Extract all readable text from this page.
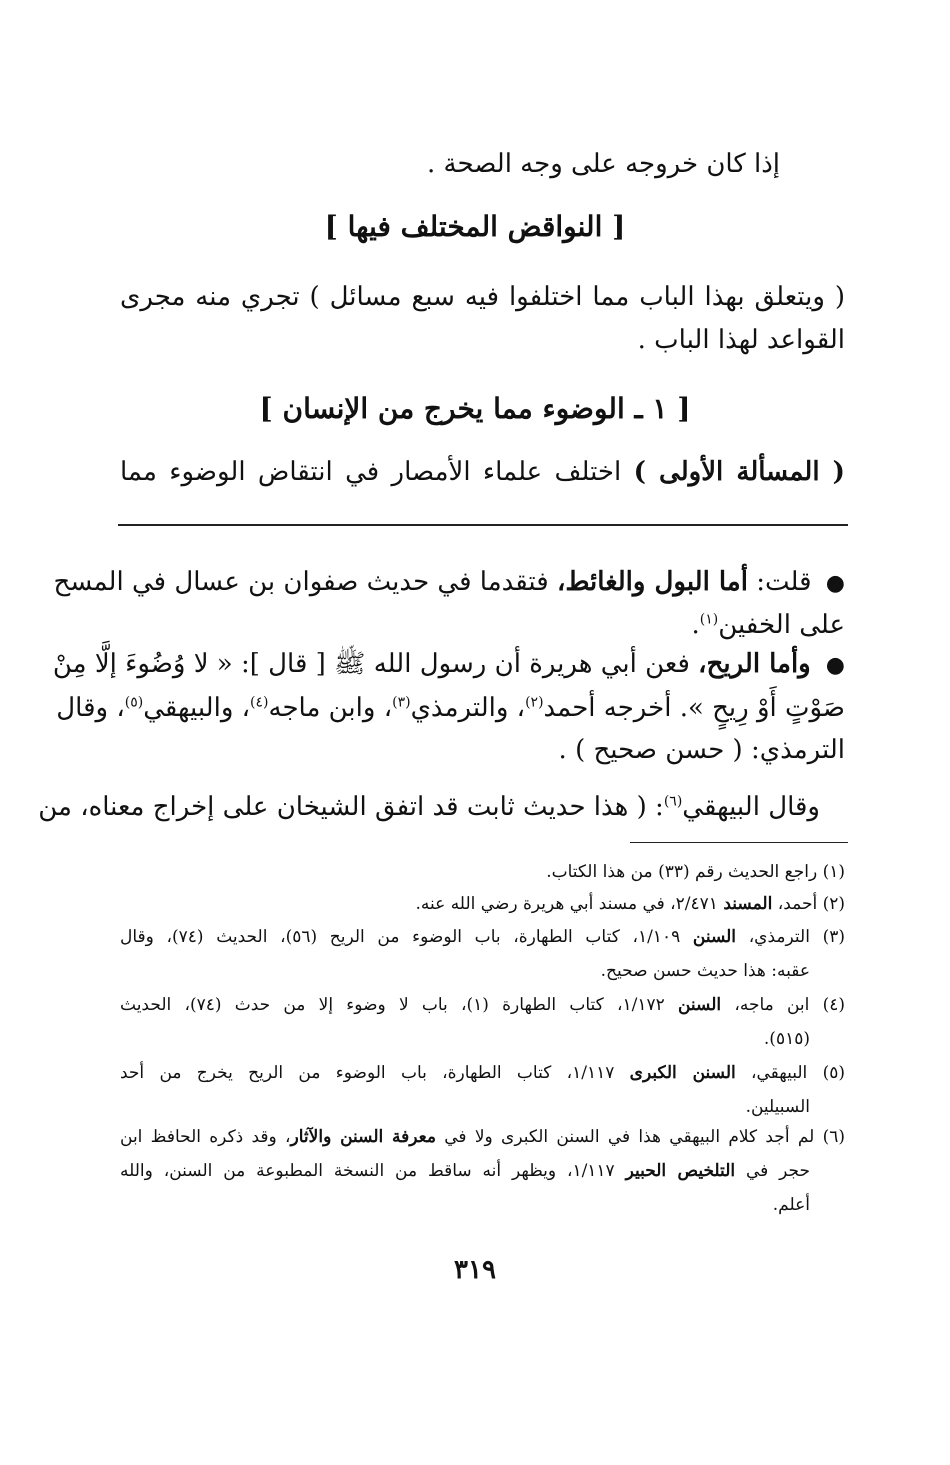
إذا كان خروجه على وجه الصحة .
[ النواقض المختلف فيها ]
( ويتعلق بهذا الباب مما اختلفوا فيه سبع مسائل ) تجري منه مجرى
القواعد لهذا الباب .
[ ١ ـ الوضوء مما يخرج من الإنسان ]
( المسألة الأولى ) اختلف علماء الأمصار في انتقاض الوضوء مما
● قلت: أما البول والغائط، فتقدما في حديث صفوان بن عسال في المسح
على الخفين$^{(١)}$.
● وأما الريح، فعن أبي هريرة أن رسول الله ﷺ [ قال ]: « لا وُضُوءَ إلَّا مِنْ
صَوْتٍ أَوْ رِيحٍ ». أخرجه أحمد$^{(٢)}$، والترمذي$^{(٣)}$، وابن ماجه$^{(٤)}$، والبيهقي$^{(٥)}$، وقال
الترمذي: ( حسن صحيح ) .
وقال البيهقي$^{(٦)}$: ( هذا حديث ثابت قد اتفق الشيخان على إخراج معناه، من
(١) راجع الحديث رقم (٣٣) من هذا الكتاب.
(٢) أحمد، المسند ٢/٤٧١، في مسند أبي هريرة رضي الله عنه.
(٣) الترمذي، السنن ١/١٠٩، كتاب الطهارة، باب الوضوء من الريح (٥٦)، الحديث (٧٤)، وقال
عقبه: هذا حديث حسن صحيح.
(٤) ابن ماجه، السنن ١/١٧٢، كتاب الطهارة (١)، باب لا وضوء إلا من حدث (٧٤)، الحديث
(٥١٥).
(٥) البيهقي، السنن الكبرى ١/١١٧، كتاب الطهارة، باب الوضوء من الريح يخرج من أحد
السبيلين.
(٦) لم أجد كلام البيهقي هذا في السنن الكبرى ولا في معرفة السنن والآثار، وقد ذكره الحافظ ابن
حجر في التلخيص الحبير ١/١١٧، ويظهر أنه ساقط من النسخة المطبوعة من السنن، والله
أعلم.
٣١٩
